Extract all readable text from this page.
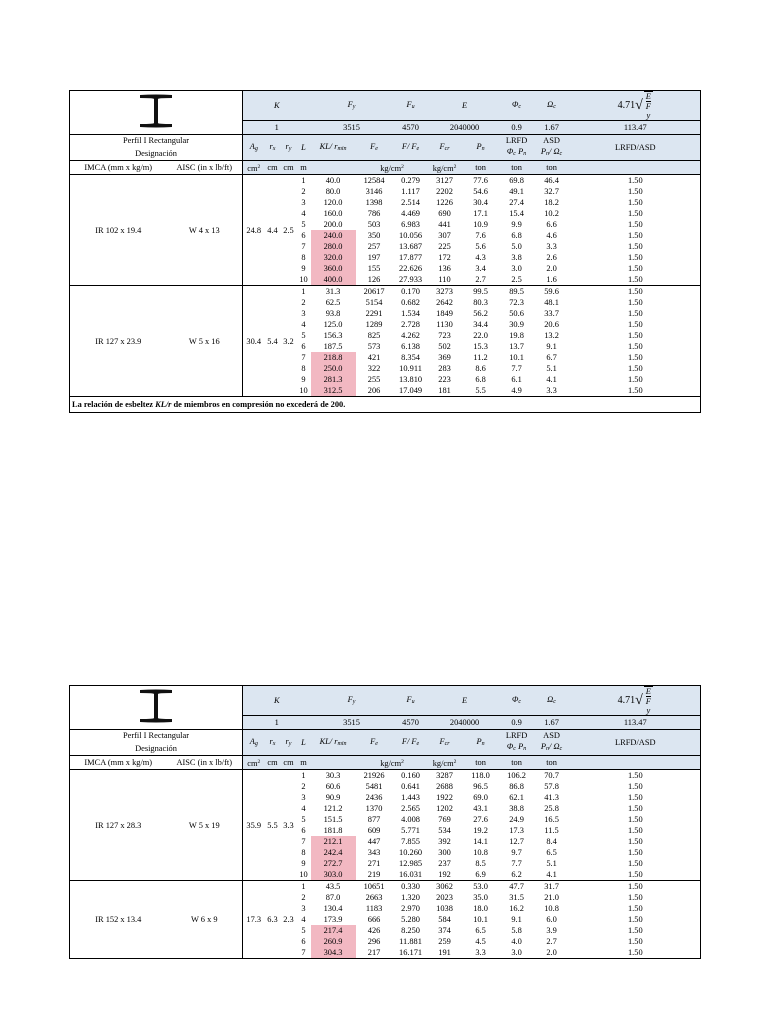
	K				Fy		Fu	E		Φc	Ωc	4.71 √ E
F
y

		1				3515		4570	2040000		0.9	1.67	113.47
Perfil I Rectangular		Ag	rx	ry	L	KL/ rmin	Fe	F/ Fe	Fcr	Pn	LRFD	ASD	LRFD/ASD
Designación											Φc Pn	Pn/ Ωc	
IMCA (mm x kg/m)	AISC (in x lb/ft)	$cm^2$	cm	cm	m		$kg/cm^2$		$kg/cm^2$	ton	ton	ton	
IR 102 x 19.4	W 4 x 13	24.8	4.4	2.5	1	40.0	12584	0.279	3127	77.6	69.8	46.4	1.50
					2	80.0	3146	1.117	2202	54.6	49.1	32.7	1.50
					3	120.0	1398	2.514	1226	30.4	27.4	18.2	1.50
					4	160.0	786	4.469	690	17.1	15.4	10.2	1.50
					5	200.0	503	6.983	441	10.9	9.9	6.6	1.50
					6	240.0	350	10.056	307	7.6	6.8	4.6	1.50
					7	280.0	257	13.687	225	5.6	5.0	3.3	1.50
					8	320.0	197	17.877	172	4.3	3.8	2.6	1.50
					9	360.0	155	22.626	136	3.4	3.0	2.0	1.50
					10	400.0	126	27.933	110	2.7	2.5	1.6	1.50
IR 127 x 23.9	W 5 x 16	30.4	5.4	3.2	1	31.3	20617	0.170	3273	99.5	89.5	59.6	1.50
					2	62.5	5154	0.682	2642	80.3	72.3	48.1	1.50
					3	93.8	2291	1.534	1849	56.2	50.6	33.7	1.50
					4	125.0	1289	2.728	1130	34.4	30.9	20.6	1.50
					5	156.3	825	4.262	723	22.0	19.8	13.2	1.50
					6	187.5	573	6.138	502	15.3	13.7	9.1	1.50
					7	218.8	421	8.354	369	11.2	10.1	6.7	1.50
					8	250.0	322	10.911	283	8.6	7.7	5.1	1.50
					9	281.3	255	13.810	223	6.8	6.1	4.1	1.50
					10	312.5	206	17.049	181	5.5	4.9	3.3	1.50
La relación de esbeltez KL/r de miembros en compresión no excederá de 200.													
	K				Fy		Fu	E		Φc	Ωc	4.71 √ E
F
y

		1				3515		4570	2040000		0.9	1.67	113.47
Perfil I Rectangular		Ag	rx	ry	L	KL/ rmin	Fe	F/ Fe	Fcr	Pn	LRFD	ASD	LRFD/ASD
Designación											Φc Pn	Pn/ Ωc	
IMCA (mm x kg/m)	AISC (in x lb/ft)	$cm^2$	cm	cm	m		$kg/cm^2$		$kg/cm^2$	ton	ton	ton	
IR 127 x 28.3	W 5 x 19	35.9	5.5	3.3	1	30.3	21926	0.160	3287	118.0	106.2	70.7	1.50
					2	60.6	5481	0.641	2688	96.5	86.8	57.8	1.50
					3	90.9	2436	1.443	1922	69.0	62.1	41.3	1.50
					4	121.2	1370	2.565	1202	43.1	38.8	25.8	1.50
					5	151.5	877	4.008	769	27.6	24.9	16.5	1.50
					6	181.8	609	5.771	534	19.2	17.3	11.5	1.50
					7	212.1	447	7.855	392	14.1	12.7	8.4	1.50
					8	242.4	343	10.260	300	10.8	9.7	6.5	1.50
					9	272.7	271	12.985	237	8.5	7.7	5.1	1.50
					10	303.0	219	16.031	192	6.9	6.2	4.1	1.50
IR 152 x 13.4	W 6 x 9	17.3	6.3	2.3	1	43.5	10651	0.330	3062	53.0	47.7	31.7	1.50
					2	87.0	2663	1.320	2023	35.0	31.5	21.0	1.50
					3	130.4	1183	2.970	1038	18.0	16.2	10.8	1.50
					4	173.9	666	5.280	584	10.1	9.1	6.0	1.50
					5	217.4	426	8.250	374	6.5	5.8	3.9	1.50
					6	260.9	296	11.881	259	4.5	4.0	2.7	1.50
					7	304.3	217	16.171	191	3.3	3.0	2.0	1.50
